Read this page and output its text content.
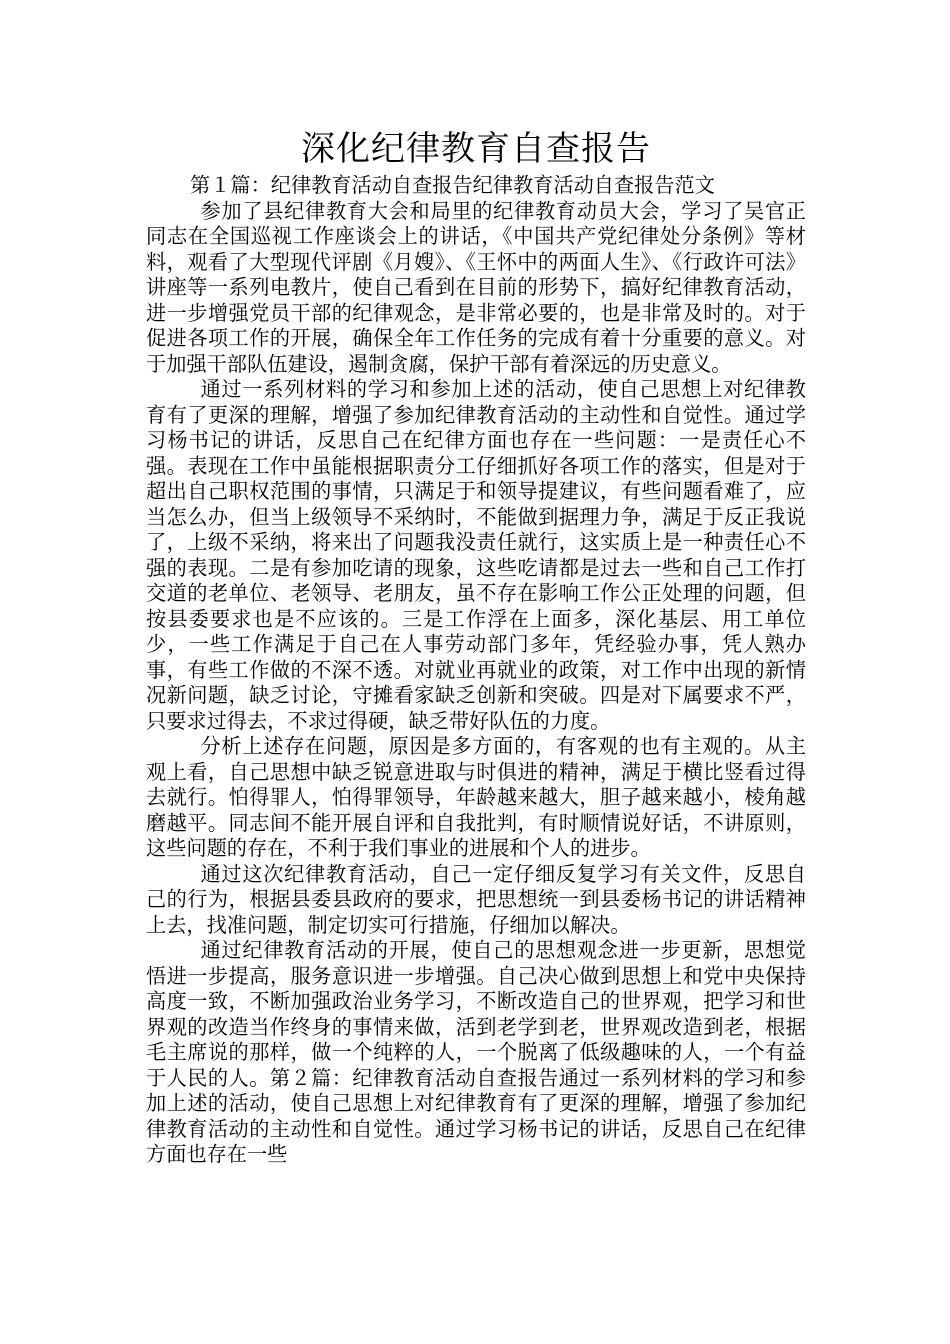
深化纪律教育自查报告

第１篇：纪律教育活动自查报告纪律教育活动自查报告范文

参加了县纪律教育大会和局里的纪律教育动员大会，学习了吴官正同志在全国巡视工作座谈会上的讲话，《中国共产党纪律处分条例》等材料，观看了大型现代评剧《月嫂》、《王怀中的两面人生》、《行政许可法》讲座等一系列电教片，使自己看到在目前的形势下，搞好纪律教育活动，进一步增强党员干部的纪律观念，是非常必要的，也是非常及时的。对于促进各项工作的开展，确保全年工作任务的完成有着十分重要的意义。对于加强干部队伍建设，遏制贪腐，保护干部有着深远的历史意义。

通过一系列材料的学习和参加上述的活动，使自己思想上对纪律教育有了更深的理解，增强了参加纪律教育活动的主动性和自觉性。通过学习杨书记的讲话，反思自己在纪律方面也存在一些问题：一是责任心不强。表现在工作中虽能根据职责分工仔细抓好各项工作的落实，但是对于超出自己职权范围的事情，只满足于和领导提建议，有些问题看难了，应当怎么办，但当上级领导不采纳时，不能做到据理力争，满足于反正我说了，上级不采纳，将来出了问题我没责任就行，这实质上是一种责任心不强的表现。二是有参加吃请的现象，这些吃请都是过去一些和自己工作打交道的老单位、老领导、老朋友，虽不存在影响工作公正处理的问题，但按县委要求也是不应该的。三是工作浮在上面多，深化基层、用工单位少，一些工作满足于自己在人事劳动部门多年，凭经验办事，凭人熟办事，有些工作做的不深不透。对就业再就业的政策，对工作中出现的新情况新问题，缺乏讨论，守摊看家缺乏创新和突破。四是对下属要求不严，只要求过得去，不求过得硬，缺乏带好队伍的力度。

分析上述存在问题，原因是多方面的，有客观的也有主观的。从主观上看，自己思想中缺乏锐意进取与时俱进的精神，满足于横比竖看过得去就行。怕得罪人，怕得罪领导，年龄越来越大，胆子越来越小，棱角越磨越平。同志间不能开展自评和自我批判，有时顺情说好话，不讲原则，这些问题的存在，不利于我们事业的进展和个人的进步。

通过这次纪律教育活动，自己一定仔细反复学习有关文件，反思自己的行为，根据县委县政府的要求，把思想统一到县委杨书记的讲话精神上去，找准问题，制定切实可行措施，仔细加以解决。

通过纪律教育活动的开展，使自己的思想观念进一步更新，思想觉悟进一步提高，服务意识进一步增强。自己决心做到思想上和党中央保持高度一致，不断加强政治业务学习，不断改造自己的世界观，把学习和世界观的改造当作终身的事情来做，活到老学到老，世界观改造到老，根据毛主席说的那样，做一个纯粹的人，一个脱离了低级趣味的人，一个有益于人民的人。第２篇：纪律教育活动自查报告通过一系列材料的学习和参加上述的活动，使自己思想上对纪律教育有了更深的理解，增强了参加纪律教育活动的主动性和自觉性。通过学习杨书记的讲话，反思自己在纪律方面也存在一些
